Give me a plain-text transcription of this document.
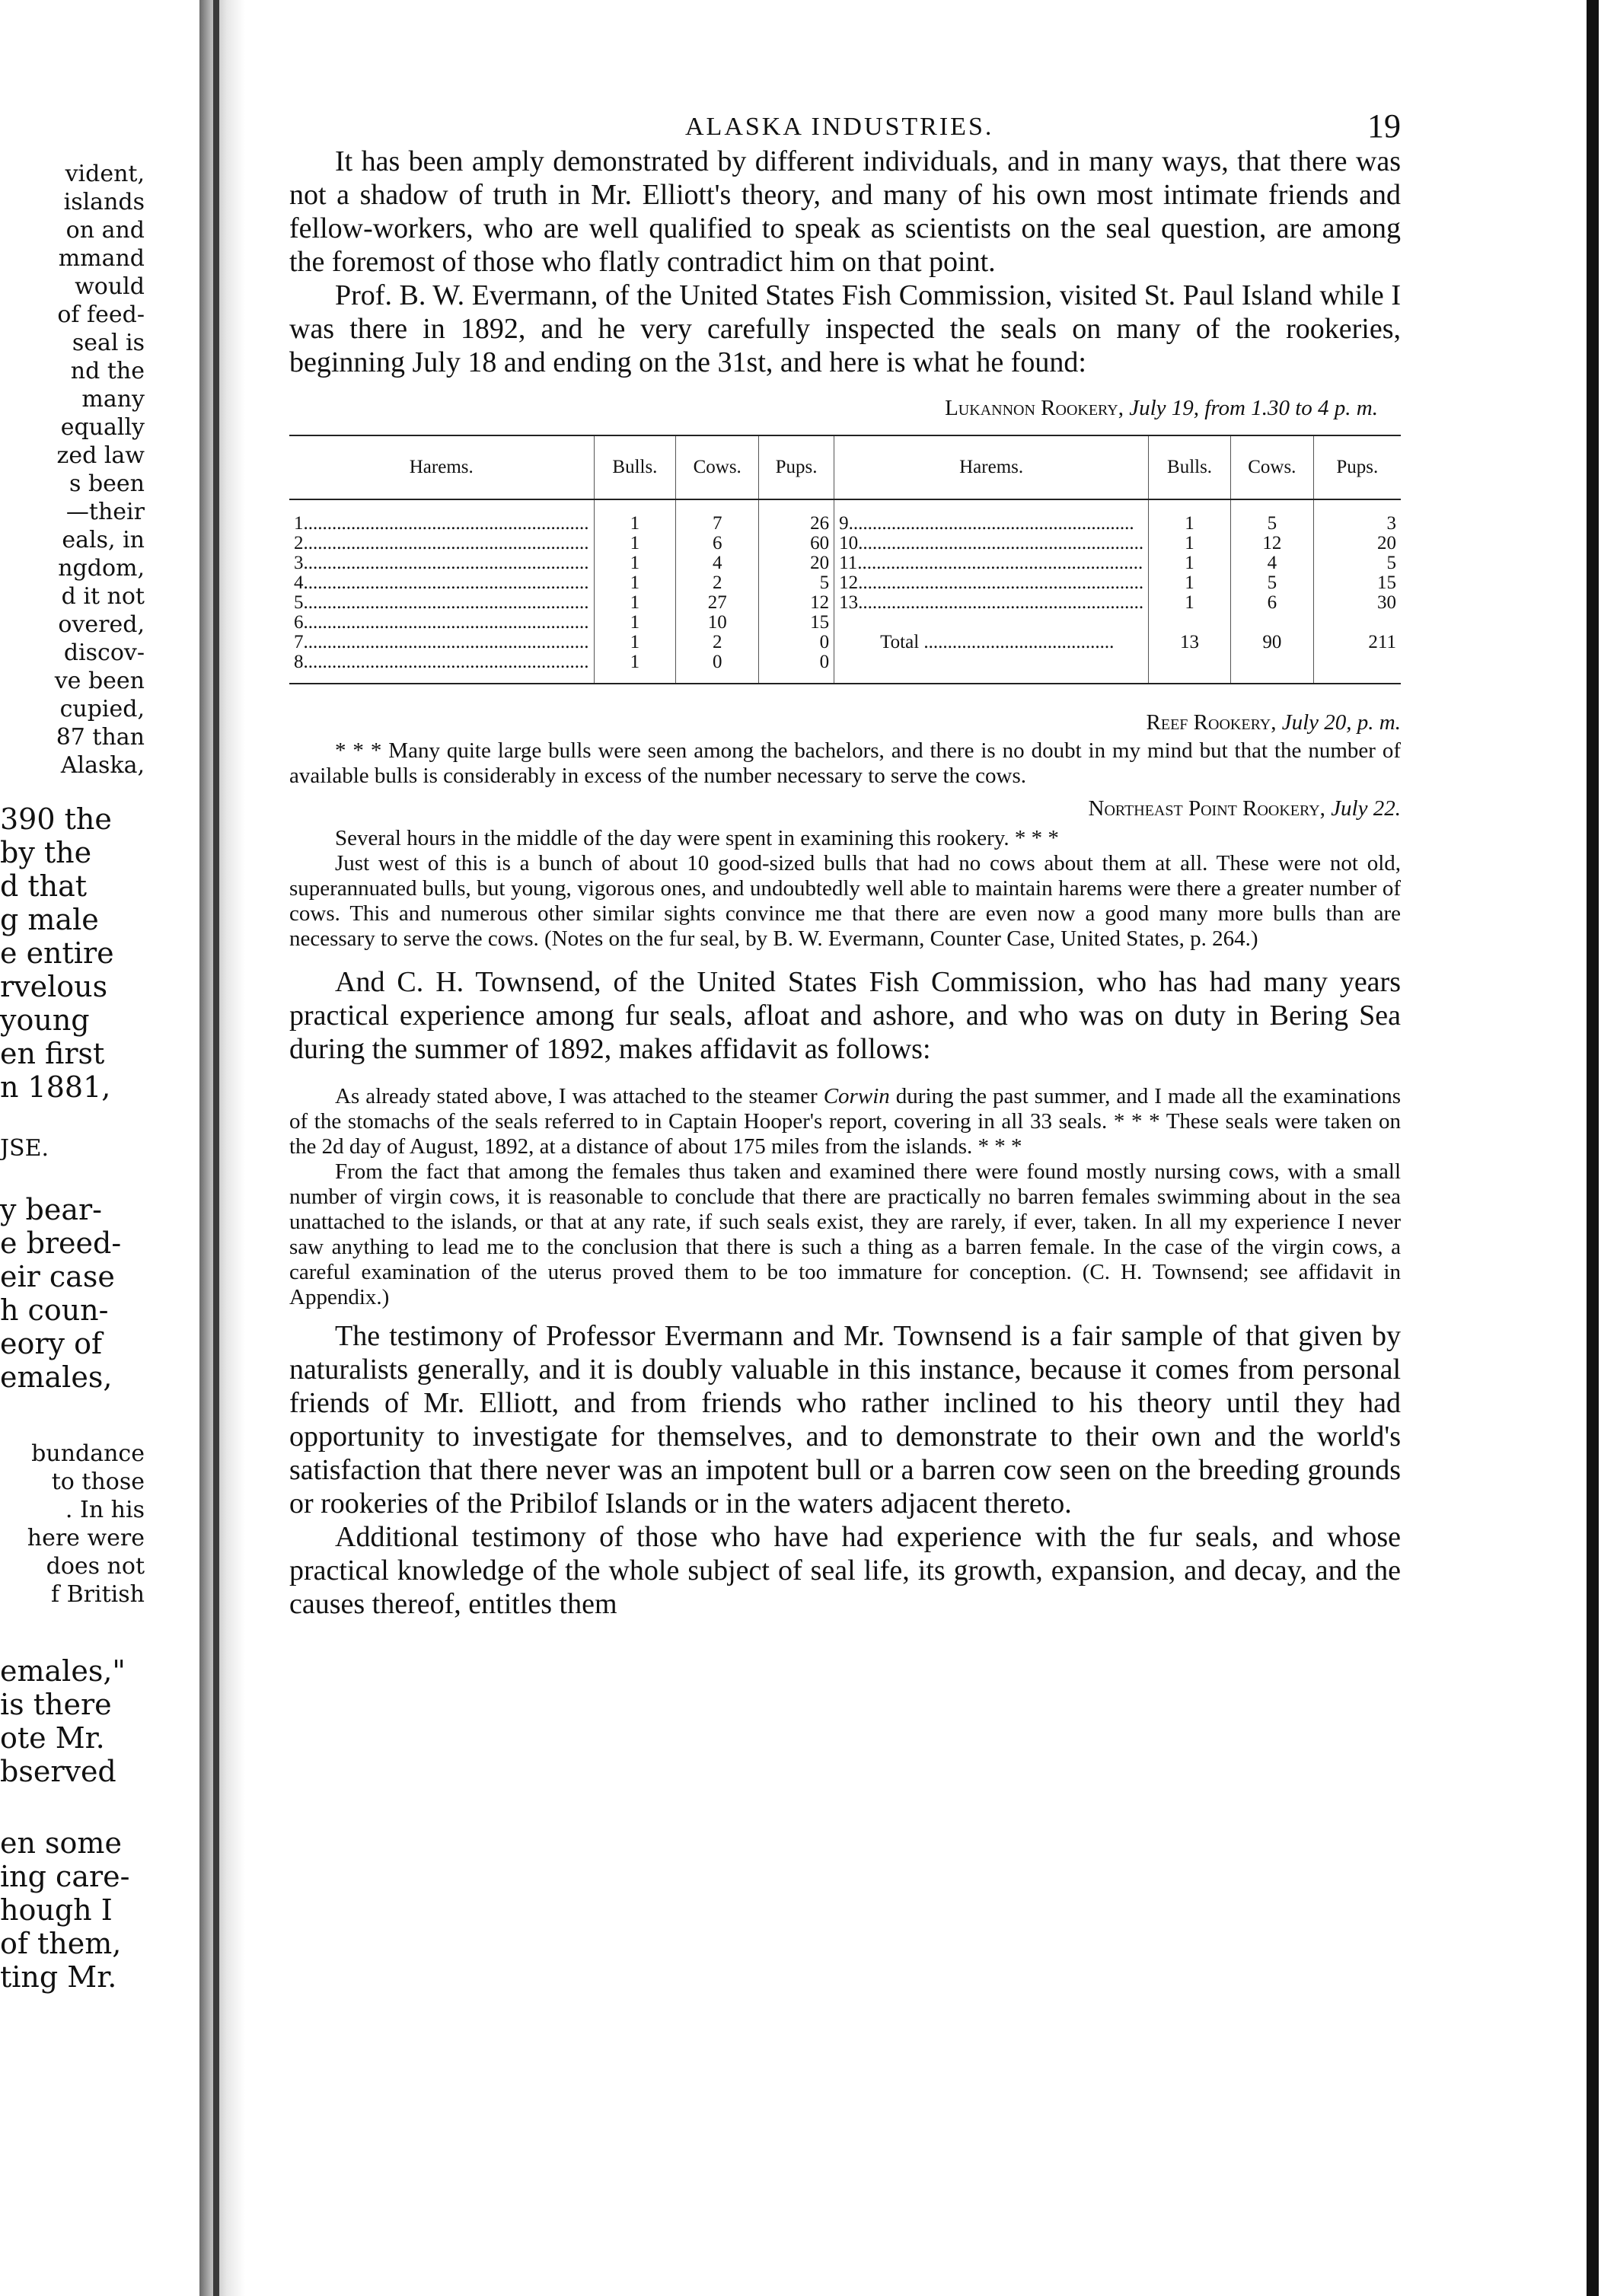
vident,
islands
on and
mmand
would
of feed-
seal is
nd the
many
equally
zed law
s been
—their
eals, in
ngdom,
d it not
overed,
discov-
ve been
cupied,
87 than
Alaska,
390 the
by the
d that
g male
e entire
rvelous
young
en first
n 1881,
JSE.
y bear-
e breed-
eir case
h coun-
eory of
emales,
bundance
to those
. In his
here were
does not
f British
emales,"
is there
ote Mr.
bserved
en some
ing care-
hough I
of them,
ting Mr.
ALASKA INDUSTRIES.	19

It has been amply demonstrated by different individuals, and in many ways, that there was not a shadow of truth in Mr. Elliott's theory, and many of his own most intimate friends and fellow-workers, who are well qualified to speak as scientists on the seal question, are among the foremost of those who flatly contradict him on that point.

Prof. B. W. Evermann, of the United States Fish Commission, visited St. Paul Island while I was there in 1892, and he very carefully inspected the seals on many of the rookeries, beginning July 18 and ending on the 31st, and here is what he found:

Lukannon Rookery, July 19, from 1.30 to 4 p. m.

Harems.	Bulls.	Cows.	Pups.	Harems.	Bulls.	Cows.	Pups.
1............................................................	1	7	26	9............................................................	1	5	3
2............................................................	1	6	60	10............................................................	1	12	20
3............................................................	1	4	20	11............................................................	1	4	5
4............................................................	1	2	5	12............................................................	1	5	15
5............................................................	1	27	12	13............................................................	1	6	30
6............................................................	1	10	15				
7............................................................	1	2	0	Total ........................................	13	90	211
8............................................................	1	0	0				

Reef Rookery, July 20, p. m.

* * * Many quite large bulls were seen among the bachelors, and there is no doubt in my mind but that the number of available bulls is considerably in excess of the number necessary to serve the cows.

Northeast Point Rookery, July 22.

Several hours in the middle of the day were spent in examining this rookery. * * *

Just west of this is a bunch of about 10 good-sized bulls that had no cows about them at all. These were not old, superannuated bulls, but young, vigorous ones, and undoubtedly well able to maintain harems were there a greater number of cows. This and numerous other similar sights convince me that there are even now a good many more bulls than are necessary to serve the cows. (Notes on the fur seal, by B. W. Evermann, Counter Case, United States, p. 264.)

And C. H. Townsend, of the United States Fish Commission, who has had many years practical experience among fur seals, afloat and ashore, and who was on duty in Bering Sea during the summer of 1892, makes affidavit as follows:

As already stated above, I was attached to the steamer Corwin during the past summer, and I made all the examinations of the stomachs of the seals referred to in Captain Hooper's report, covering in all 33 seals. * * * These seals were taken on the 2d day of August, 1892, at a distance of about 175 miles from the islands. * * *

From the fact that among the females thus taken and examined there were found mostly nursing cows, with a small number of virgin cows, it is reasonable to conclude that there are practically no barren females swimming about in the sea unattached to the islands, or that at any rate, if such seals exist, they are rarely, if ever, taken. In all my experience I never saw anything to lead me to the conclusion that there is such a thing as a barren female. In the case of the virgin cows, a careful examination of the uterus proved them to be too immature for conception. (C. H. Townsend; see affidavit in Appendix.)

The testimony of Professor Evermann and Mr. Townsend is a fair sample of that given by naturalists generally, and it is doubly valuable in this instance, because it comes from personal friends of Mr. Elliott, and from friends who rather inclined to his theory until they had opportunity to investigate for themselves, and to demonstrate to their own and the world's satisfaction that there never was an impotent bull or a barren cow seen on the breeding grounds or rookeries of the Pribilof Islands or in the waters adjacent thereto.

Additional testimony of those who have had experience with the fur seals, and whose practical knowledge of the whole subject of seal life, its growth, expansion, and decay, and the causes thereof, entitles them
